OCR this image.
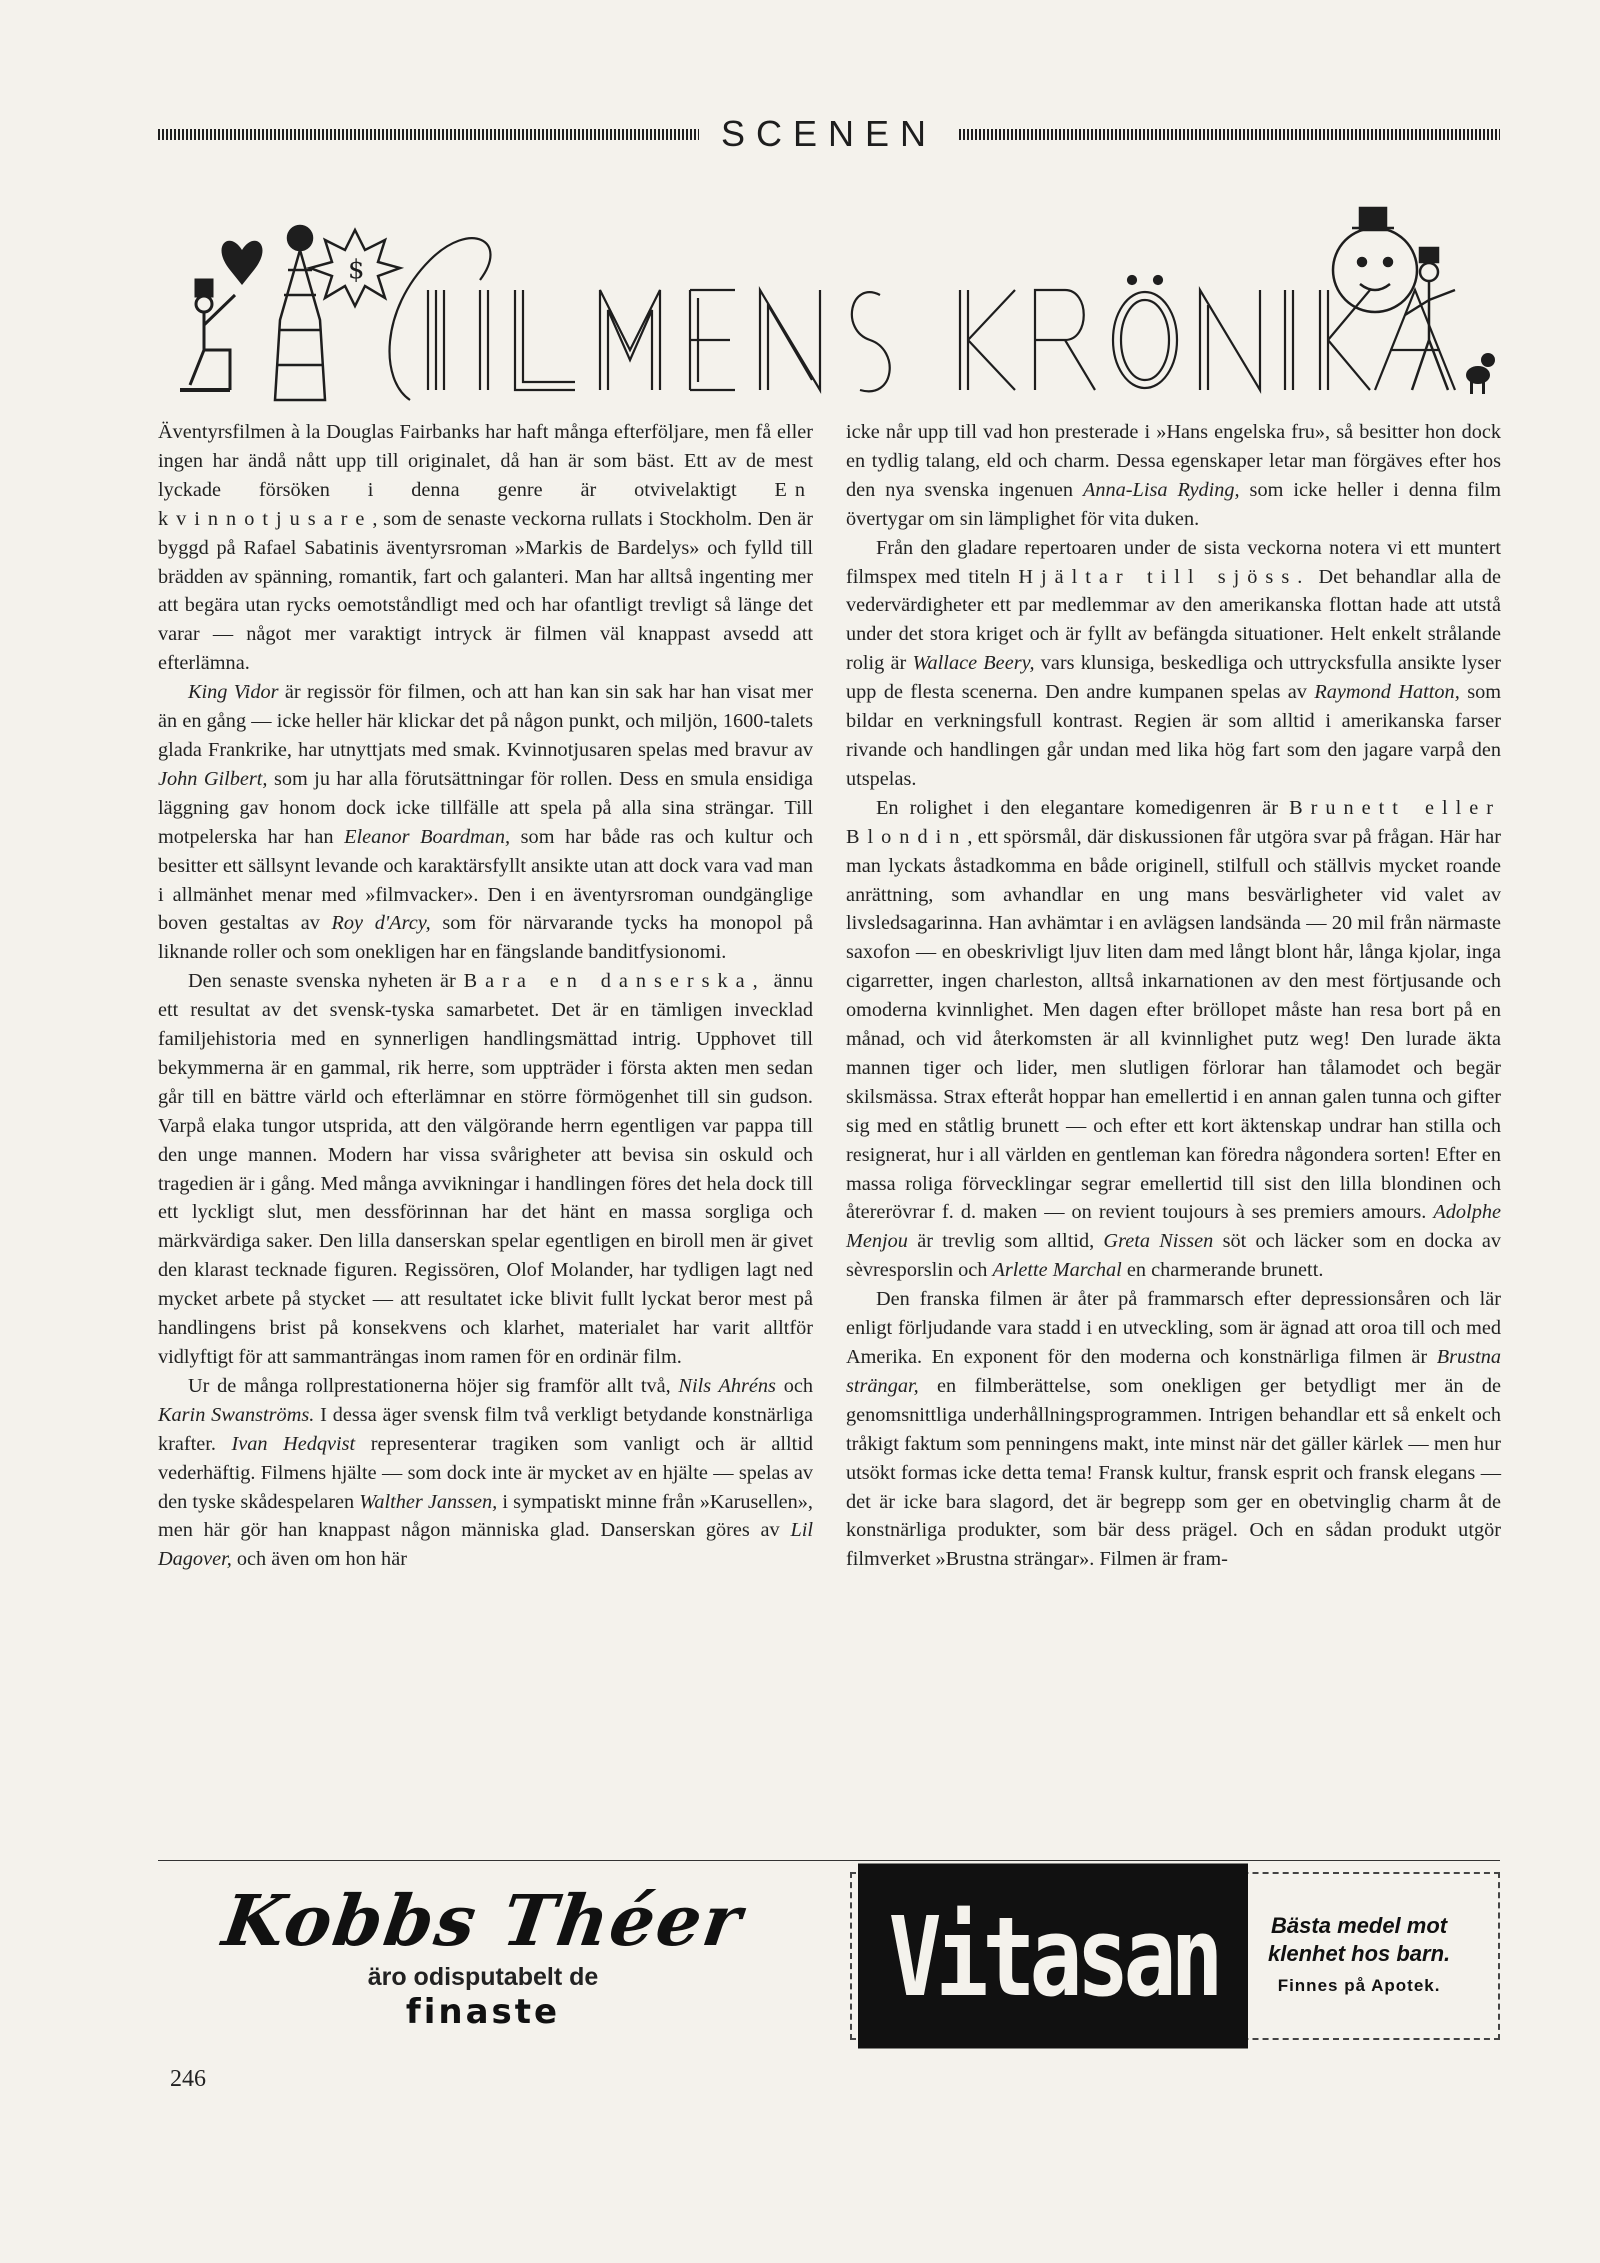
SCENEN
$

Äventyrsfilmen à la Douglas Fairbanks har haft många efterföljare, men få eller ingen har ändå nått upp till originalet, då han är som bäst. Ett av de mest lyckade försöken i denna genre är otvivelaktigt En kvinnotjusare, som de senaste veckorna rullats i Stockholm. Den är byggd på Rafael Sabatinis äventyrsroman »Markis de Bardelys» och fylld till brädden av spänning, romantik, fart och galanteri. Man har alltså ingenting mer att begära utan rycks oemotståndligt med och har ofantligt trevligt så länge det varar — något mer varaktigt intryck är filmen väl knappast avsedd att efterlämna.

King Vidor är regissör för filmen, och att han kan sin sak har han visat mer än en gång — icke heller här klickar det på någon punkt, och miljön, 1600-talets glada Frankrike, har utnyttjats med smak. Kvinnotjusaren spelas med bravur av John Gilbert, som ju har alla förutsättningar för rollen. Dess en smula ensidiga läggning gav honom dock icke tillfälle att spela på alla sina strängar. Till motpelerska har han Eleanor Boardman, som har både ras och kultur och besitter ett sällsynt levande och karaktärsfyllt ansikte utan att dock vara vad man i allmänhet menar med »filmvacker». Den i en äventyrsroman oundgänglige boven gestaltas av Roy d'Arcy, som för närvarande tycks ha monopol på liknande roller och som onekligen har en fängslande banditfysionomi.

Den senaste svenska nyheten är Bara en danserska, ännu ett resultat av det svensk-tyska samarbetet. Det är en tämligen invecklad familjehistoria med en synnerligen handlingsmättad intrig. Upphovet till bekymmerna är en gammal, rik herre, som uppträder i första akten men sedan går till en bättre värld och efterlämnar en större förmögenhet till sin gudson. Varpå elaka tungor utsprida, att den välgörande herrn egentligen var pappa till den unge mannen. Modern har vissa svårigheter att bevisa sin oskuld och tragedien är i gång. Med många avvikningar i handlingen föres det hela dock till ett lyckligt slut, men dessförinnan har det hänt en massa sorgliga och märkvärdiga saker. Den lilla danserskan spelar egentligen en biroll men är givet den klarast tecknade figuren. Regissören, Olof Molander, har tydligen lagt ned mycket arbete på stycket — att resultatet icke blivit fullt lyckat beror mest på handlingens brist på konsekvens och klarhet, materialet har varit alltför vidlyftigt för att sammanträngas inom ramen för en ordinär film.

Ur de många rollprestationerna höjer sig framför allt två, Nils Ahréns och Karin Swanströms. I dessa äger svensk film två verkligt betydande konstnärliga krafter. Ivan Hedqvist representerar tragiken som vanligt och är alltid vederhäftig. Filmens hjälte — som dock inte är mycket av en hjälte — spelas av den tyske skådespelaren Walther Janssen, i sympatiskt minne från »Karusellen», men här gör han knappast någon människa glad. Danserskan göres av Lil Dagover, och även om hon här

icke når upp till vad hon presterade i »Hans engelska fru», så besitter hon dock en tydlig talang, eld och charm. Dessa egenskaper letar man förgäves efter hos den nya svenska ingenuen Anna-Lisa Ryding, som icke heller i denna film övertygar om sin lämplighet för vita duken.

Från den gladare repertoaren under de sista veckorna notera vi ett muntert filmspex med titeln Hjältar till sjöss. Det behandlar alla de vedervärdigheter ett par medlemmar av den amerikanska flottan hade att utstå under det stora kriget och är fyllt av befängda situationer. Helt enkelt strålande rolig är Wallace Beery, vars klunsiga, beskedliga och uttrycksfulla ansikte lyser upp de flesta scenerna. Den andre kumpanen spelas av Raymond Hatton, som bildar en verkningsfull kontrast. Regien är som alltid i amerikanska farser rivande och handlingen går undan med lika hög fart som den jagare varpå den utspelas.

En rolighet i den elegantare komedigenren är Brunett eller Blondin, ett spörsmål, där diskussionen får utgöra svar på frågan. Här har man lyckats åstadkomma en både originell, stilfull och ställvis mycket roande anrättning, som avhandlar en ung mans besvärligheter vid valet av livsledsagarinna. Han avhämtar i en avlägsen landsända — 20 mil från närmaste saxofon — en obeskrivligt ljuv liten dam med långt blont hår, långa kjolar, inga cigarretter, ingen charleston, alltså inkarnationen av den mest förtjusande och omoderna kvinnlighet. Men dagen efter bröllopet måste han resa bort på en månad, och vid återkomsten är all kvinnlighet putz weg! Den lurade äkta mannen tiger och lider, men slutligen förlorar han tålamodet och begär skilsmässa. Strax efteråt hoppar han emellertid i en annan galen tunna och gifter sig med en ståtlig brunett — och efter ett kort äktenskap undrar han stilla och resignerat, hur i all världen en gentleman kan föredra någondera sorten! Efter en massa roliga förvecklingar segrar emellertid till sist den lilla blondinen och återerövrar f. d. maken — on revient toujours à ses premiers amours. Adolphe Menjou är trevlig som alltid, Greta Nissen söt och läcker som en docka av sèvresporslin och Arlette Marchal en charmerande brunett.

Den franska filmen är åter på frammarsch efter depressionsåren och lär enligt förljudande vara stadd i en utveckling, som är ägnad att oroa till och med Amerika. En exponent för den moderna och konstnärliga filmen är Brustna strängar, en filmberättelse, som onekligen ger betydligt mer än de genomsnittliga underhållningsprogrammen. Intrigen behandlar ett så enkelt och tråkigt faktum som penningens makt, inte minst när det gäller kärlek — men hur utsökt formas icke detta tema! Fransk kultur, fransk esprit och fransk elegans — det är icke bara slagord, det är begrepp som ger en obetvinglig charm åt de konstnärliga produkter, som bär dess prägel. Och en sådan produkt utgör filmverket »Brustna strängar». Filmen är fram-

Kobbs Théer
äro odisputabelt de
finaste	Vitasan	Bästa medel mot
klenhet hos barn.
Finnes på Apotek.
246
